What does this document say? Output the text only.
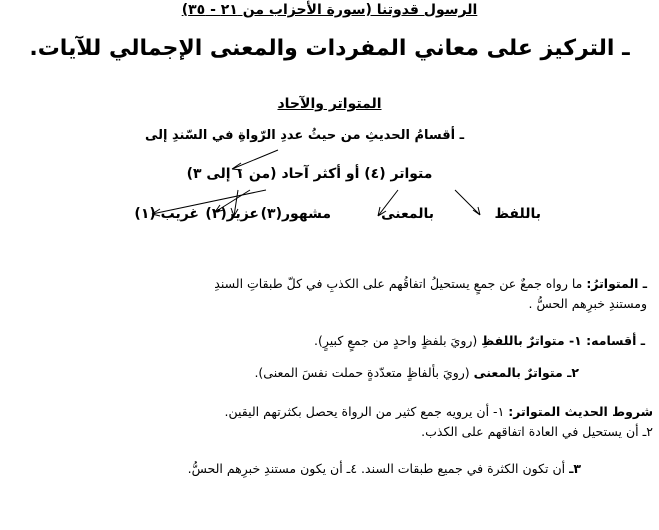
الرسول قدوتنا (سورة الأحزاب من ٢١ - ٣٥)

ـ التركيز على معاني المفردات والمعنى الإجمالي للآيات.

المتواتر والآحاد

ـ أقسامُ الحديثِ من حيثُ عددِ الرّواةِ في السّندِ إلى

متواتر (٤) أو أكثر آحاد (من ١ إلى ٣)

باللفظ

بالمعنى

مشهور(٣)

عزيز(٢)

غريب (١)

ـ المتواترُ: ما رواه جمعٌ عن جمعٍ يستحيلُ اتفاقُهم على الكذبِ في كلّ طبقاتِ السندِ

ومستندِ خبرِهم الحسُّ .

ـ أقسامه: ١- متواترٌ باللفظِ (رويَ بلفظٍ واحدٍ من جمعٍ كبيرٍ).

٢ـ متواترٌ بالمعنى (رويَ بألفاظٍ متعدّدةٍ حملت نفسَ المعنى).

شروط الحديث المتواتر: ١- أن يرويه جمع كثير من الرواة يحصل بكثرتهم اليقين.

٢ـ أن يستحيل في العادة اتفاقهم على الكذب.

٣ـ أن تكون الكثرة في جميع طبقات السند. ٤ـ أن يكون مستندِ خبرِهم الحسُّ.
